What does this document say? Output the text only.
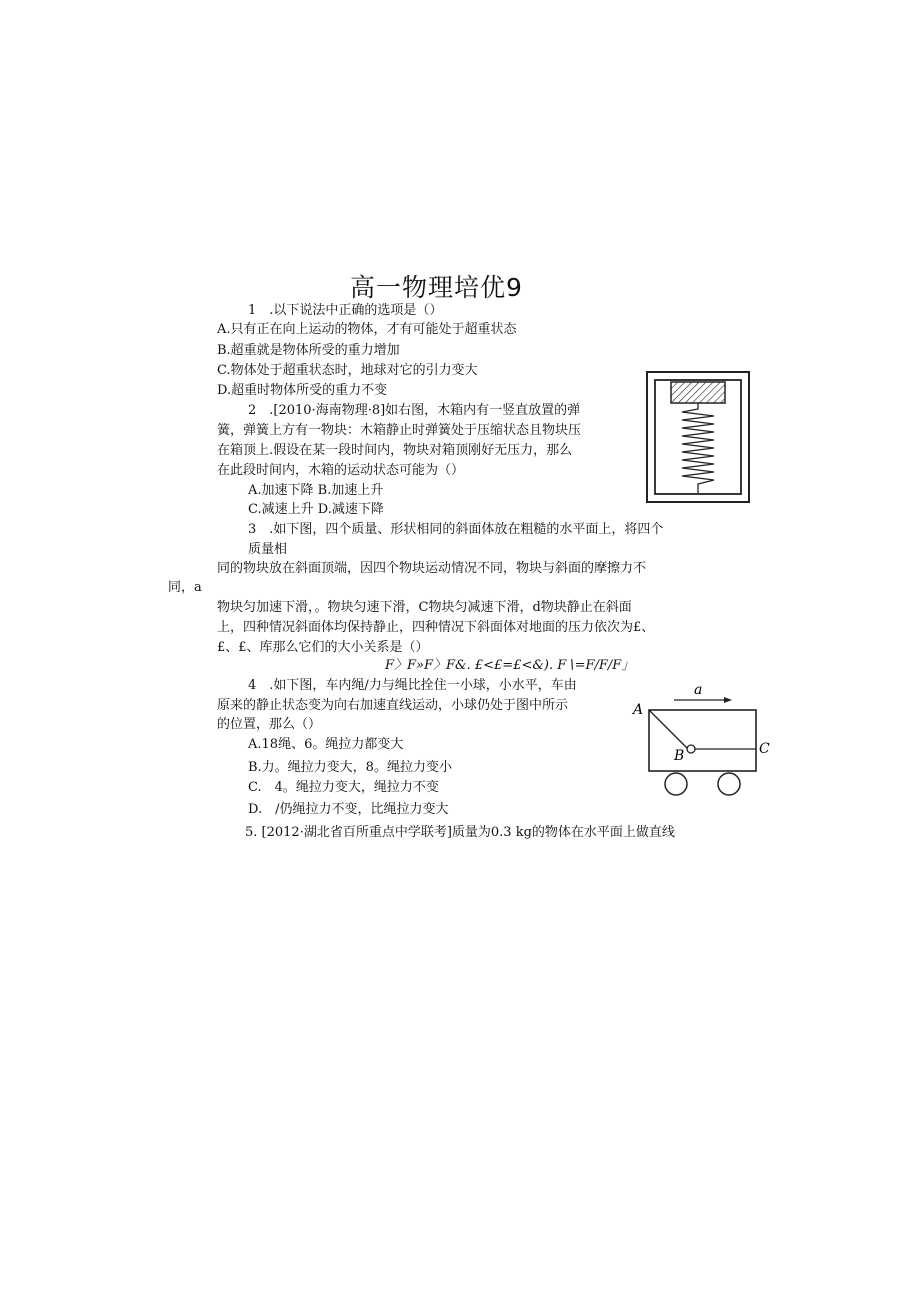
高一物理培优9
1　.以下说法中正确的选项是（）
A.只有正在向上运动的物体，才有可能处于超重状态
B.超重就是物体所受的重力增加
C.物体处于超重状态时，地球对它的引力变大
D.超重时物体所受的重力不变
2　.[2010·海南物理·8]如右图，木箱内有一竖直放置的弹
簧，弹簧上方有一物块：木箱静止时弹簧处于压缩状态且物块压
在箱顶上.假设在某一段时间内，物块对箱顶刚好无压力，那么
在此段时间内，木箱的运动状态可能为（）
A.加速下降 B.加速上升
C.减速上升 D.减速下降
3　.如下图，四个质量、形状相同的斜面体放在粗糙的水平面上，将四个
质量相
同的物块放在斜面顶端，因四个物块运动情况不同，物块与斜面的摩擦力不
同，a
物块匀加速下滑，。物块匀速下滑，C物块匀减速下滑，d物块静止在斜面
上，四种情况斜面体均保持静止，四种情况下斜面体对地面的压力依次为£、
£、£、库那么它们的大小关系是（）
F〉F»F〉F&. £<£=£<&). F∖=F/F/F」
4　.如下图，车内绳/力与绳比拴住一小球，小水平，车由
原来的静止状态变为向右加速直线运动，小球仍处于图中所示
的位置，那么（）
A.18绳、6。绳拉力都变大
B.力。绳拉力变大，8。绳拉力变小
C.　4。绳拉力变大，绳拉力不变
D.　/仍绳拉力不变，比绳拉力变大
a
A
B	C
5. [2012·湖北省百所重点中学联考]质量为0.3 kg的物体在水平面上做直线
